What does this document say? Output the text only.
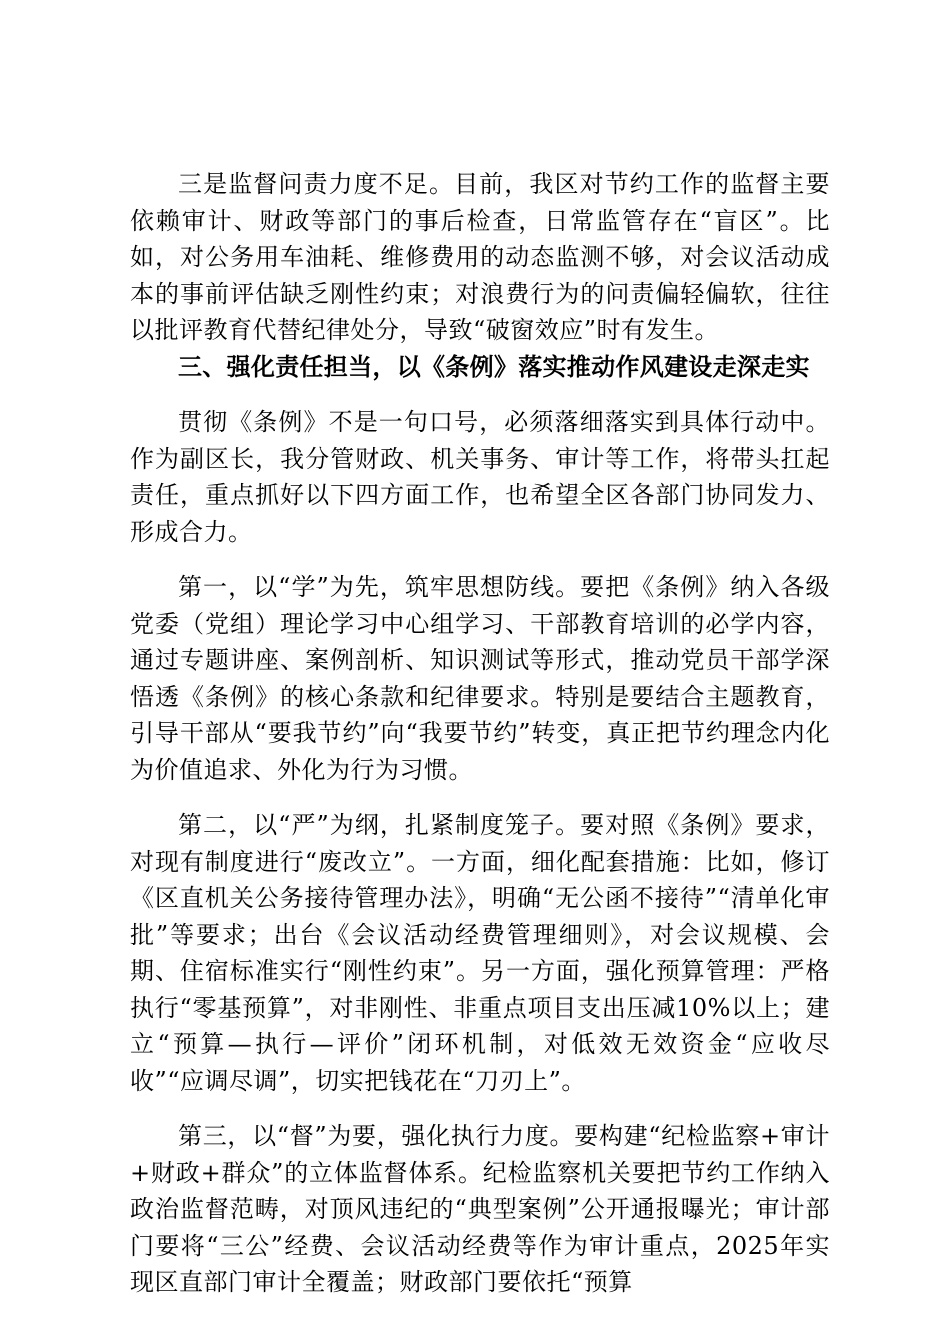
三是监督问责力度不足。目前，我区对节约工作的监督主要依赖审计、财政等部门的事后检查，日常监管存在“盲区”。比如，对公务用车油耗、维修费用的动态监测不够，对会议活动成本的事前评估缺乏刚性约束；对浪费行为的问责偏轻偏软，往往以批评教育代替纪律处分，导致“破窗效应”时有发生。

三、强化责任担当，以《条例》落实推动作风建设走深走实

贯彻《条例》不是一句口号，必须落细落实到具体行动中。作为副区长，我分管财政、机关事务、审计等工作，将带头扛起责任，重点抓好以下四方面工作，也希望全区各部门协同发力、形成合力。

第一，以“学”为先，筑牢思想防线。要把《条例》纳入各级党委（党组）理论学习中心组学习、干部教育培训的必学内容，通过专题讲座、案例剖析、知识测试等形式，推动党员干部学深悟透《条例》的核心条款和纪律要求。特别是要结合主题教育，引导干部从“要我节约”向“我要节约”转变，真正把节约理念内化为价值追求、外化为行为习惯。

第二，以“严”为纲，扎紧制度笼子。要对照《条例》要求，对现有制度进行“废改立”。一方面，细化配套措施：比如，修订《区直机关公务接待管理办法》，明确“无公函不接待”“清单化审批”等要求；出台《会议活动经费管理细则》，对会议规模、会期、住宿标准实行“刚性约束”。另一方面，强化预算管理：严格执行“零基预算”，对非刚性、非重点项目支出压减10%以上；建立“预算—执行—评价”闭环机制，对低效无效资金“应收尽收”“应调尽调”，切实把钱花在“刀刃上”。

第三，以“督”为要，强化执行力度。要构建“纪检监察+审计+财政+群众”的立体监督体系。纪检监察机关要把节约工作纳入政治监督范畴，对顶风违纪的“典型案例”公开通报曝光；审计部门要将“三公”经费、会议活动经费等作为审计重点，2025年实现区直部门审计全覆盖；财政部门要依托“预算
